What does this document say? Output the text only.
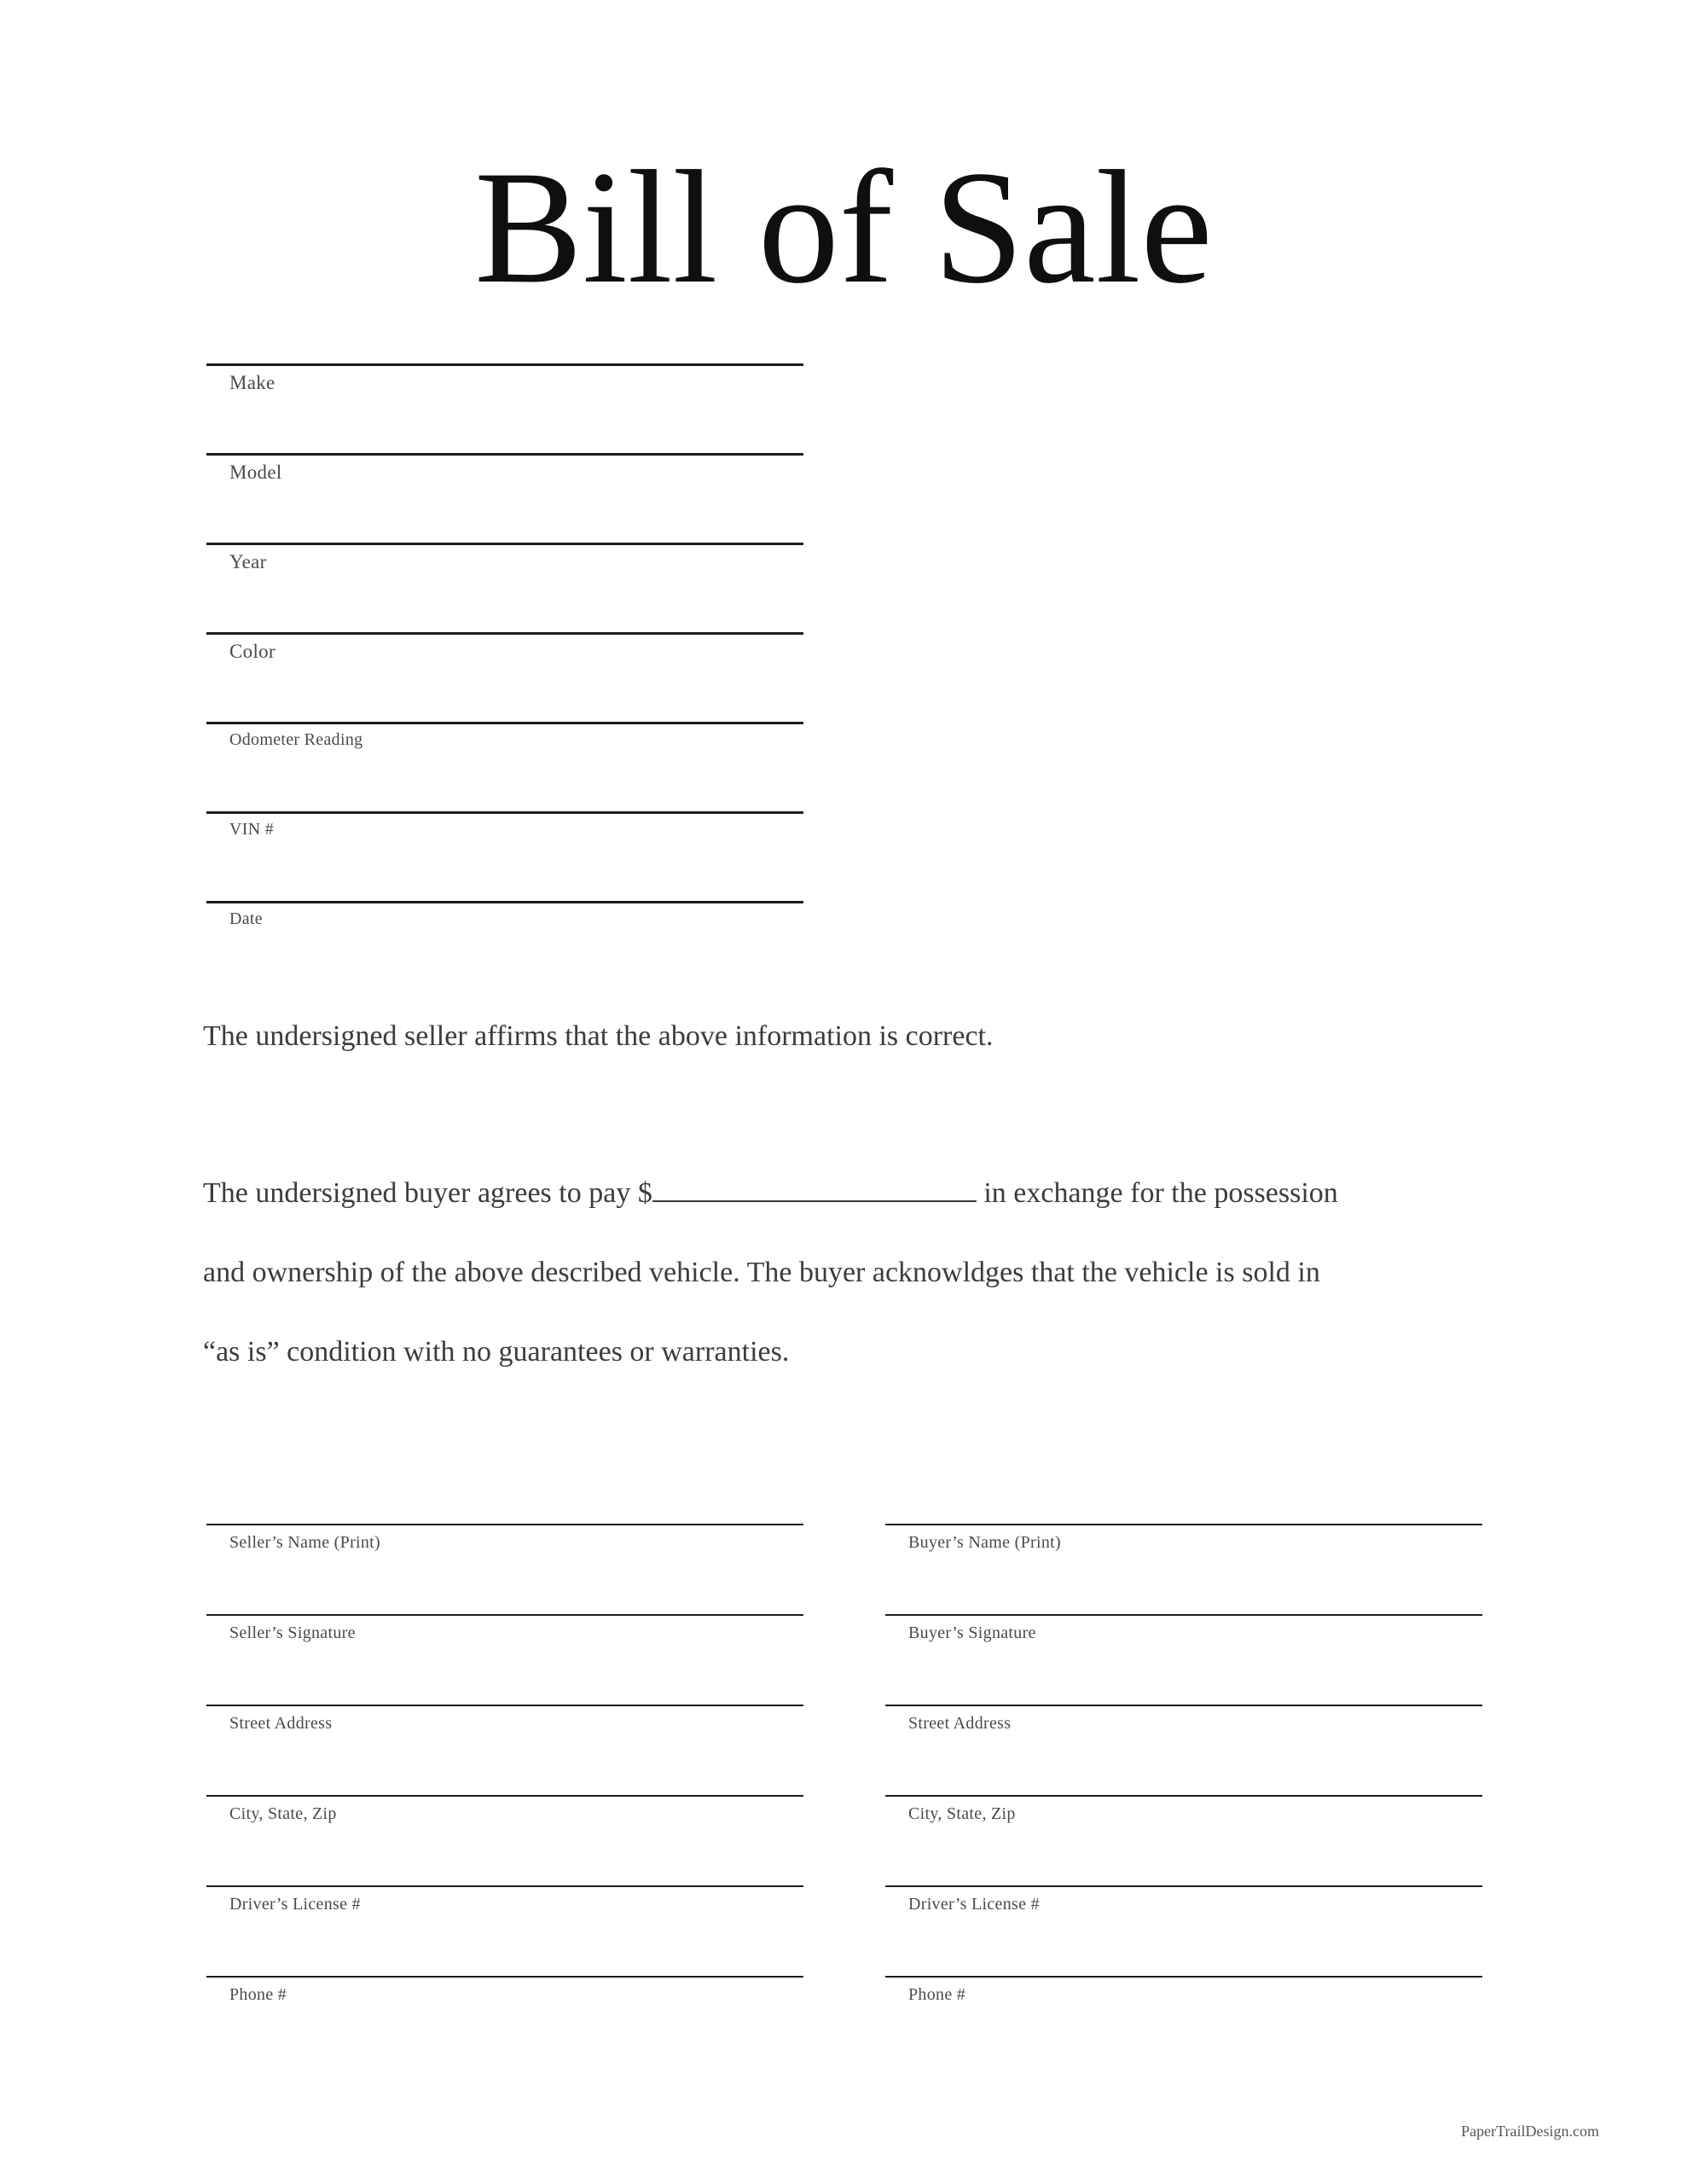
Bill of Sale
Make
Model
Year
Color
Odometer Reading
VIN #
Date

The undersigned seller affirms that the above information is correct.

The undersigned buyer agrees to pay $	in exchange for the possession
and ownership of the above described vehicle. The buyer acknowldges that the vehicle is sold in
“as is” condition with no guarantees or warranties.
Seller’s Name (Print)
Seller’s Signature
Street Address
City, State, Zip
Driver’s License #
Phone #
Buyer’s Name (Print)
Buyer’s Signature
Street Address
City, State, Zip
Driver’s License #
Phone #
PaperTrailDesign.com
